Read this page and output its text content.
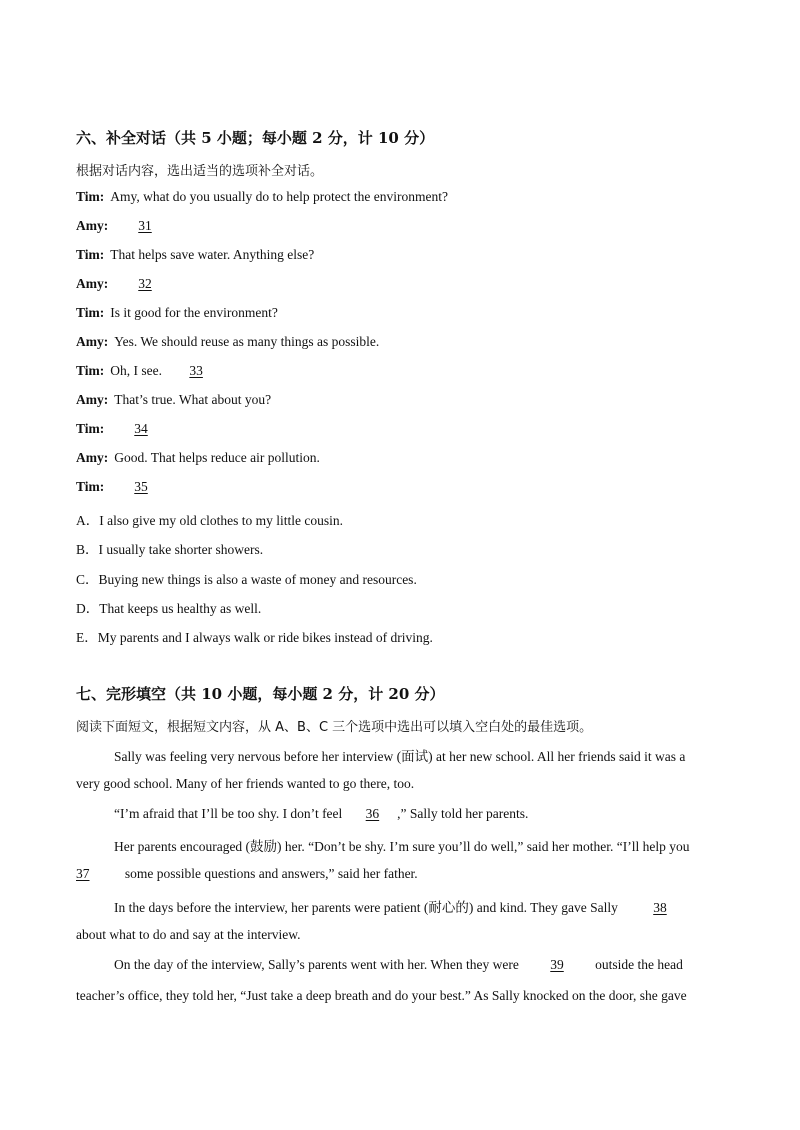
六、补全对话（共 5 小题；每小题 2 分，计 10 分）
根据对话内容，选出适当的选项补全对话。
Tim: Amy, what do you usually do to help protect the environment?
Amy: 31
Tim: That helps save water. Anything else?
Amy: 32
Tim: Is it good for the environment?
Amy: Yes. We should reuse as many things as possible.
Tim: Oh, I see. 33
Amy: That’s true. What about you?
Tim: 34
Amy: Good. That helps reduce air pollution.
Tim: 35
A．I also give my old clothes to my little cousin.
B．I usually take shorter showers.
C．Buying new things is also a waste of money and resources.
D．That keeps us healthy as well.
E．My parents and I always walk or ride bikes instead of driving.
七、完形填空（共 10 小题，每小题 2 分，计 20 分）
阅读下面短文，根据短文内容，从 A、B、C 三个选项中选出可以填入空白处的最佳选项。
Sally was feeling very nervous before her interview (面试) at her new school. All her friends said it was a
very good school. Many of her friends wanted to go there, too.
“I’m afraid that I’ll be too shy. I don’t feel 36 ,” Sally told her parents.
Her parents encouraged (鼓励) her. “Don’t be shy. I’m sure you’ll do well,” said her mother. “I’ll help you
37	some possible questions and answers,” said her father.
In the days before the interview, her parents were patient (耐心的) and kind. They gave Sally	38
about what to do and say at the interview.
On the day of the interview, Sally’s parents went with her. When they were 39 outside the head
teacher’s office, they told her, “Just take a deep breath and do your best.” As Sally knocked on the door, she gave
